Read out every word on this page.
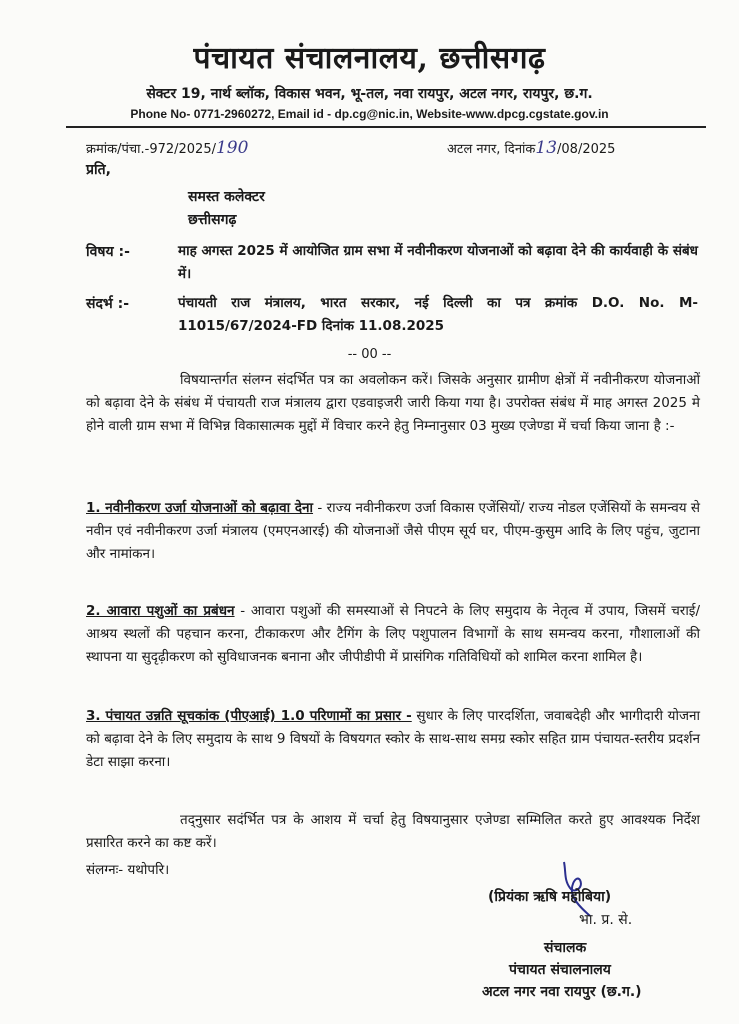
पंचायत संचालनालय, छत्तीसगढ़
सेक्टर 19, नार्थ ब्लॉक, विकास भवन, भू-तल, नवा रायपुर, अटल नगर, रायपुर, छ.ग.
Phone No- 0771-2960272, Email id - dp.cg@nic.in, Website-www.dpcg.cgstate.gov.in
क्रमांक/पंचा.-972/2025/190	अटल नगर, दिनांक13/08/2025
प्रति,
समस्त कलेक्टर
छत्तीसगढ़
विषय :-	माह अगस्त 2025 में आयोजित ग्राम सभा में नवीनीकरण योजनाओं को बढ़ावा देने की कार्यवाही के संबंध में।
संदर्भ :-	पंचायती राज मंत्रालय, भारत सरकार, नई दिल्ली का पत्र क्रमांक D.O. No. M-11015/67/2024-FD दिनांक 11.08.2025
-- 00 --
विषयान्तर्गत संलग्न संदर्भित पत्र का अवलोकन करें। जिसके अनुसार ग्रामीण क्षेत्रों में नवीनीकरण योजनाओं को बढ़ावा देने के संबंध में पंचायती राज मंत्रालय द्वारा एडवाइजरी जारी किया गया है। उपरोक्त संबंध में माह अगस्त 2025 मे होने वाली ग्राम सभा में विभिन्न विकासात्मक मुद्दों में विचार करने हेतु निम्नानुसार 03 मुख्य एजेण्डा में चर्चा किया जाना है :-
1. नवीनीकरण उर्जा योजनाओं को बढ़ावा देना - राज्य नवीनीकरण उर्जा विकास एजेंसियों/ राज्य नोडल एजेंसियों के समन्वय से नवीन एवं नवीनीकरण उर्जा मंत्रालय (एमएनआरई) की योजनाओं जैसे पीएम सूर्य घर, पीएम-कुसुम आदि के लिए पहुंच, जुटाना और नामांकन।
2. आवारा पशुओं का प्रबंधन - आवारा पशुओं की समस्याओं से निपटने के लिए समुदाय के नेतृत्व में उपाय, जिसमें चराई/आश्रय स्थलों की पहचान करना, टीकाकरण और टैगिंग के लिए पशुपालन विभागों के साथ समन्वय करना, गौशालाओं की स्थापना या सुदृढ़ीकरण को सुविधाजनक बनाना और जीपीडीपी में प्रासंगिक गतिविधियों को शामिल करना शामिल है।
3. पंचायत उन्नति सूचकांक (पीएआई) 1.0 परिणामों का प्रसार - सुधार के लिए पारदर्शिता, जवाबदेही और भागीदारी योजना को बढ़ावा देने के लिए समुदाय के साथ 9 विषयों के विषयगत स्कोर के साथ-साथ समग्र स्कोर सहित ग्राम पंचायत-स्तरीय प्रदर्शन डेटा साझा करना।
तद्नुसार सदंर्भित पत्र के आशय में चर्चा हेतु विषयानुसार एजेण्डा सम्मिलित करते हुए आवश्यक निर्देश प्रसारित करने का कष्ट करें।
संलग्नः- यथोपरि।
(प्रियंका ऋषि महोबिया)
भा. प्र. से.
संचालक
पंचायत संचालनालय
अटल नगर नवा रायपुर (छ.ग.)
